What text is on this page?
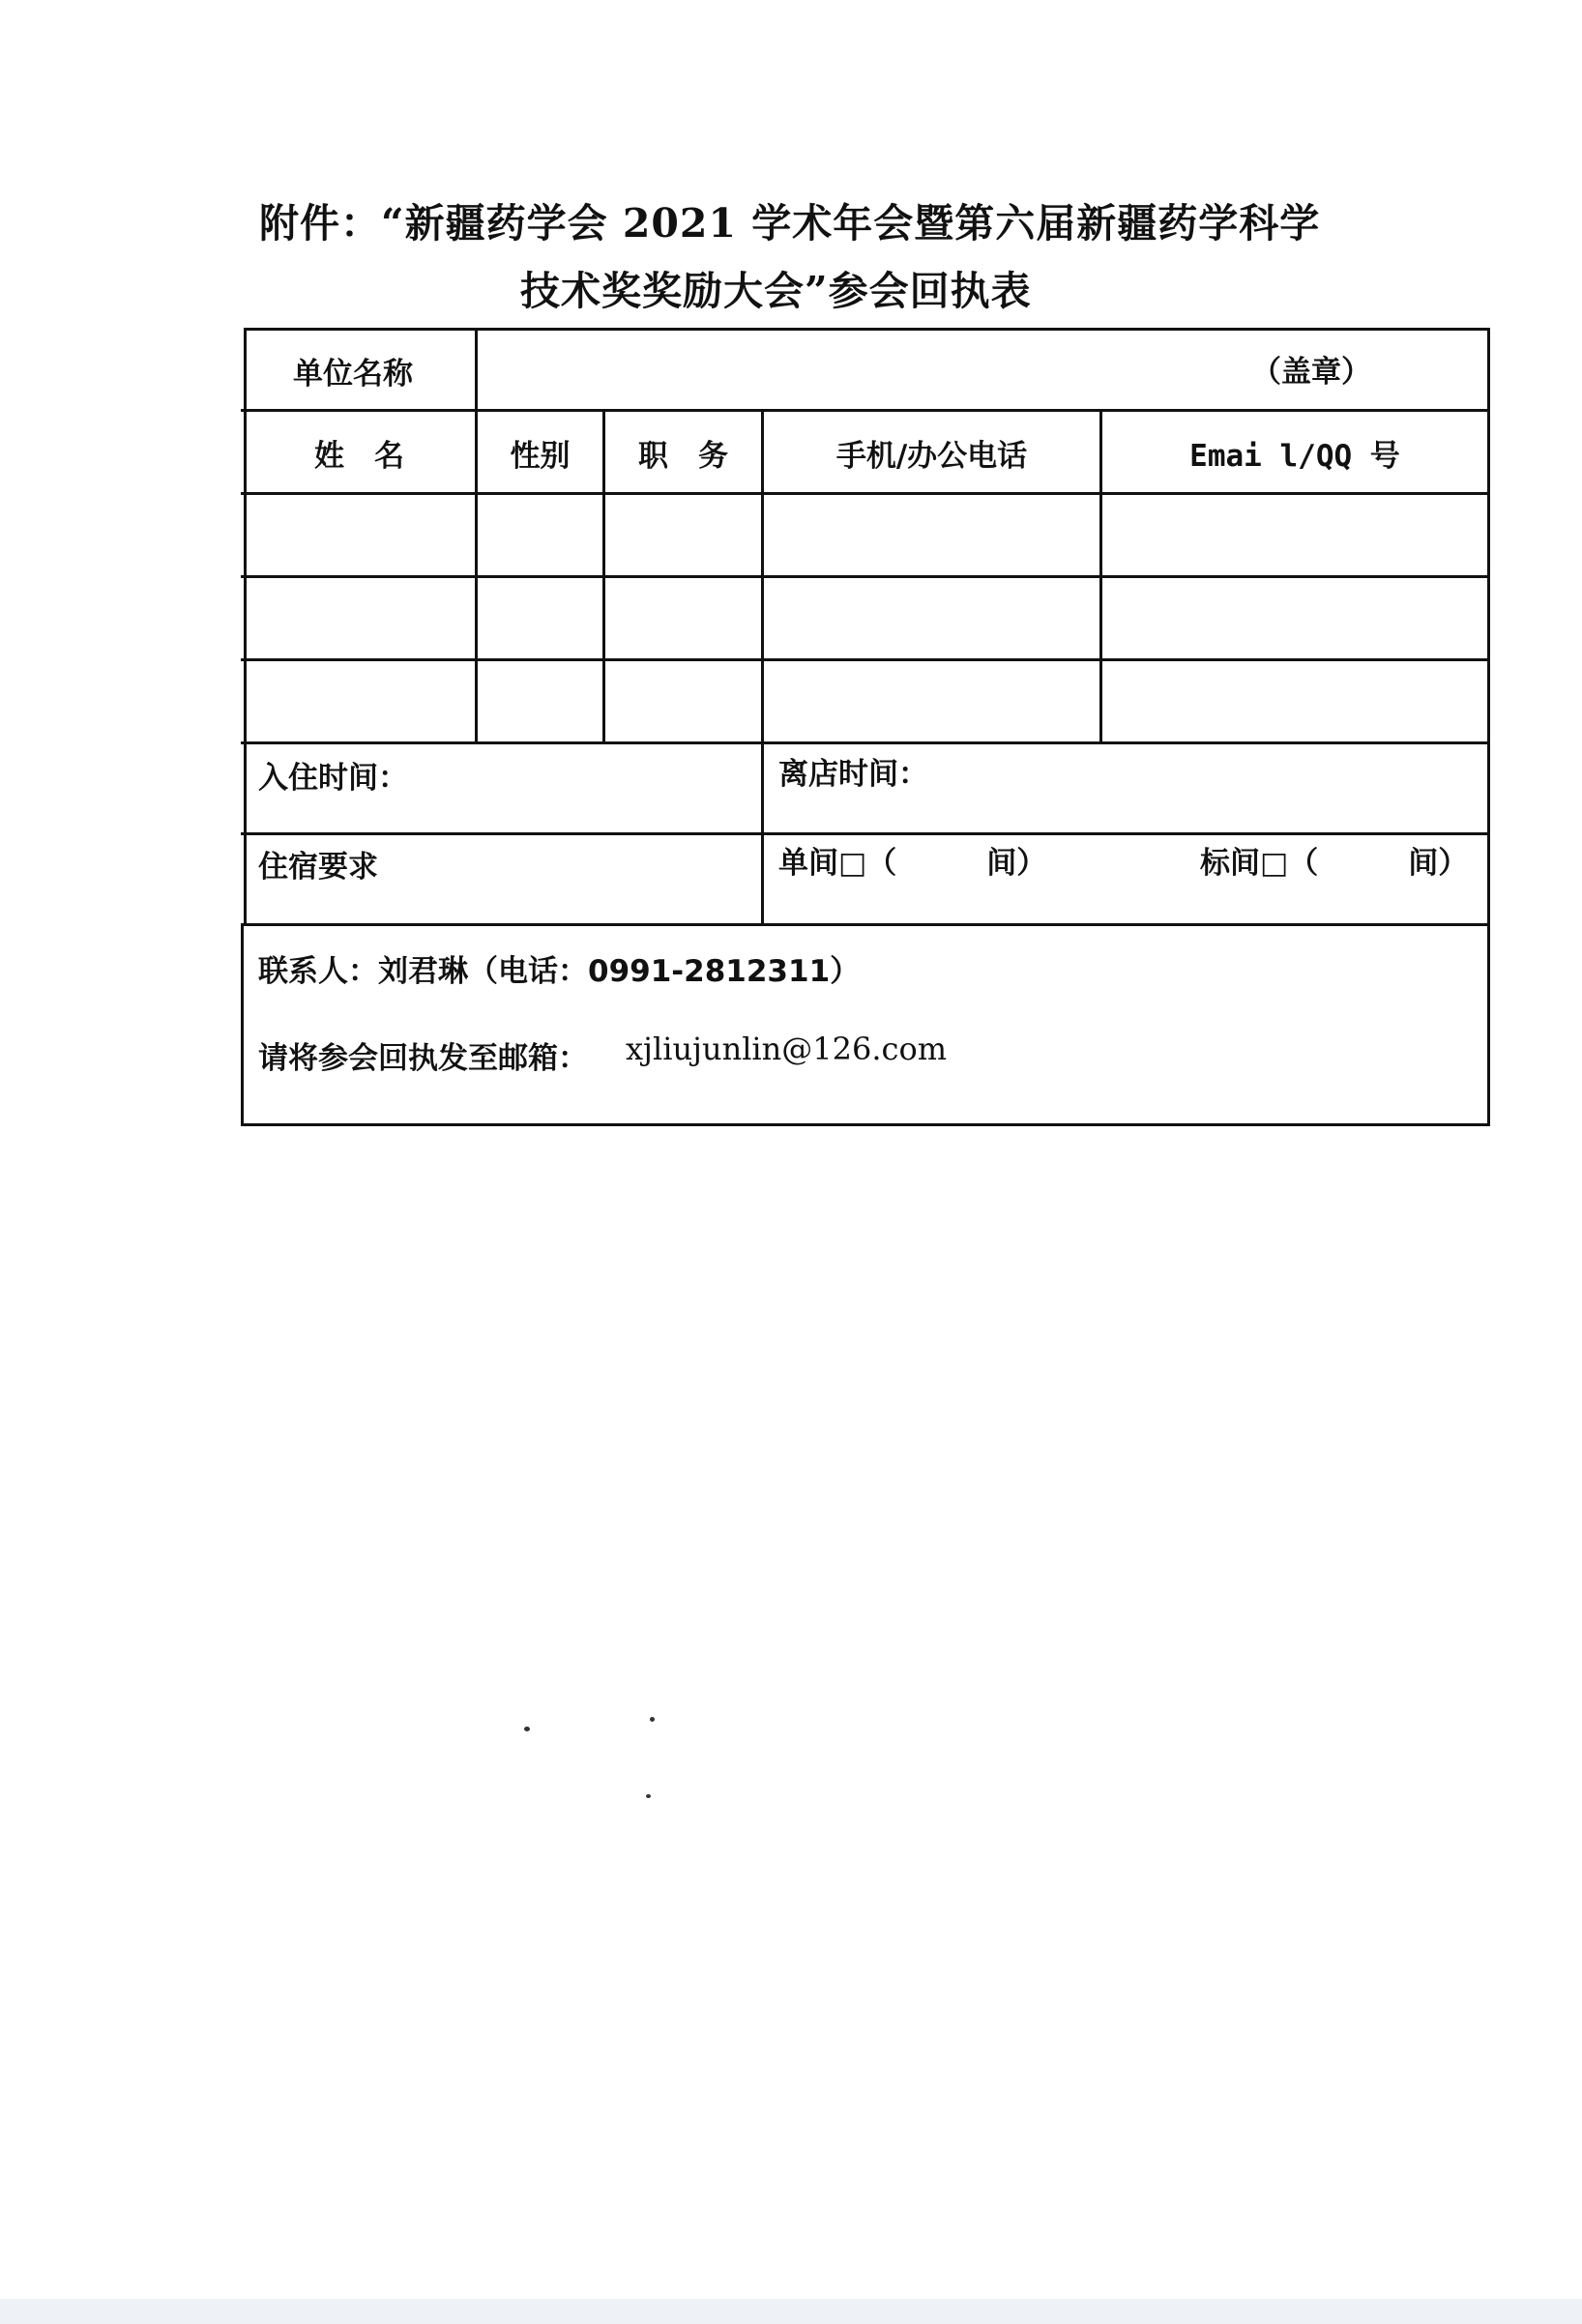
附件：“新疆药学会 2021 学术年会暨第六届新疆药学科学
技术奖奖励大会”参会回执表
单位名称	（盖章）
姓　名	性别	职　务	手机/办公电话	Emai l/QQ 号
入住时间：	离店时间：
住宿要求	单间□（　　　间）	标间□（　　　间）
联系人：刘君琳（电话：0991-2812311）
请将参会回执发至邮箱： xjliujunlin@126.com
